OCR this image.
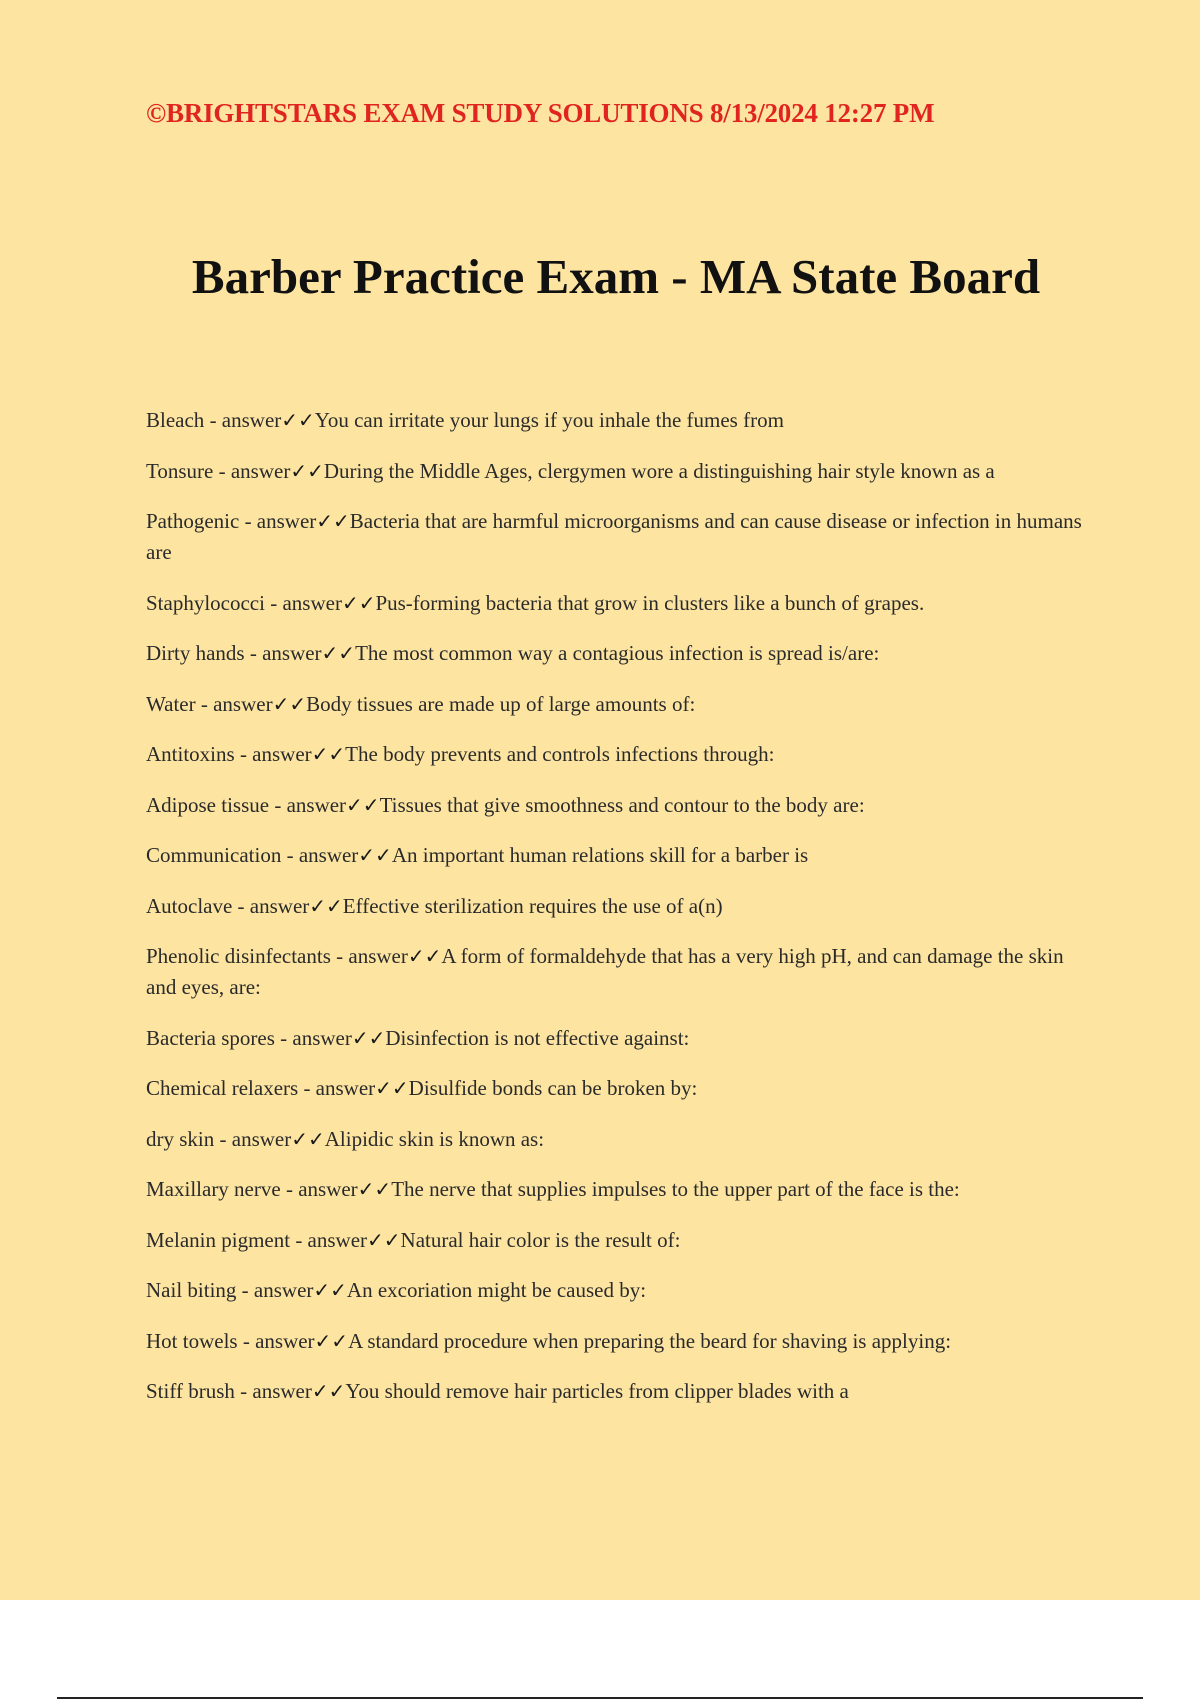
©BRIGHTSTARS EXAM STUDY SOLUTIONS 8/13/2024 12:27 PM
Barber Practice Exam - MA State Board
Bleach - answer✓✓You can irritate your lungs if you inhale the fumes from
Tonsure - answer✓✓During the Middle Ages, clergymen wore a distinguishing hair style known as a
Pathogenic - answer✓✓Bacteria that are harmful microorganisms and can cause disease or infection in humans are
Staphylococci - answer✓✓Pus-forming bacteria that grow in clusters like a bunch of grapes.
Dirty hands - answer✓✓The most common way a contagious infection is spread is/are:
Water - answer✓✓Body tissues are made up of large amounts of:
Antitoxins - answer✓✓The body prevents and controls infections through:
Adipose tissue - answer✓✓Tissues that give smoothness and contour to the body are:
Communication - answer✓✓An important human relations skill for a barber is
Autoclave - answer✓✓Effective sterilization requires the use of a(n)
Phenolic disinfectants - answer✓✓A form of formaldehyde that has a very high pH, and can damage the skin and eyes, are:
Bacteria spores - answer✓✓Disinfection is not effective against:
Chemical relaxers - answer✓✓Disulfide bonds can be broken by:
dry skin - answer✓✓Alipidic skin is known as:
Maxillary nerve - answer✓✓The nerve that supplies impulses to the upper part of the face is the:
Melanin pigment - answer✓✓Natural hair color is the result of:
Nail biting - answer✓✓An excoriation might be caused by:
Hot towels - answer✓✓A standard procedure when preparing the beard for shaving is applying:
Stiff brush - answer✓✓You should remove hair particles from clipper blades with a
